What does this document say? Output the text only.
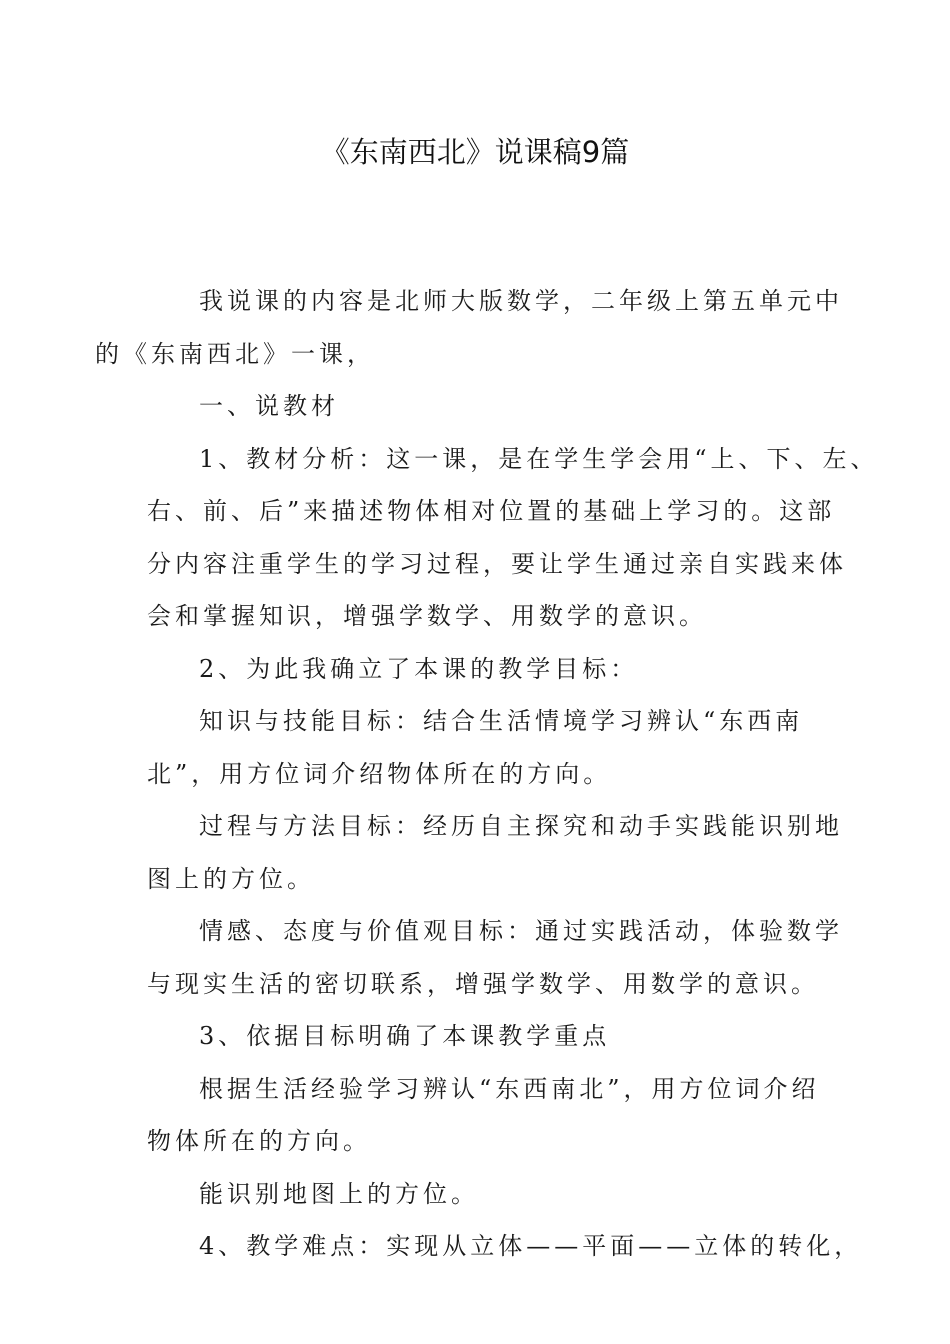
《东南西北》说课稿9篇

我说课的内容是北师大版数学，二年级上第五单元中
的《东南西北》一课，

一、说教材

1、教材分析：这一课，是在学生学会用“上、下、左、
右、前、后”来描述物体相对位置的基础上学习的。这部
分内容注重学生的学习过程，要让学生通过亲自实践来体
会和掌握知识，增强学数学、用数学的意识。

2、为此我确立了本课的教学目标：

知识与技能目标：结合生活情境学习辨认“东西南
北”，用方位词介绍物体所在的方向。

过程与方法目标：经历自主探究和动手实践能识别地
图上的方位。

情感、态度与价值观目标：通过实践活动，体验数学
与现实生活的密切联系，增强学数学、用数学的意识。

3、依据目标明确了本课教学重点

根据生活经验学习辨认“东西南北”，用方位词介绍
物体所在的方向。

能识别地图上的方位。

4、教学难点：实现从立体——平面——立体的转化，
